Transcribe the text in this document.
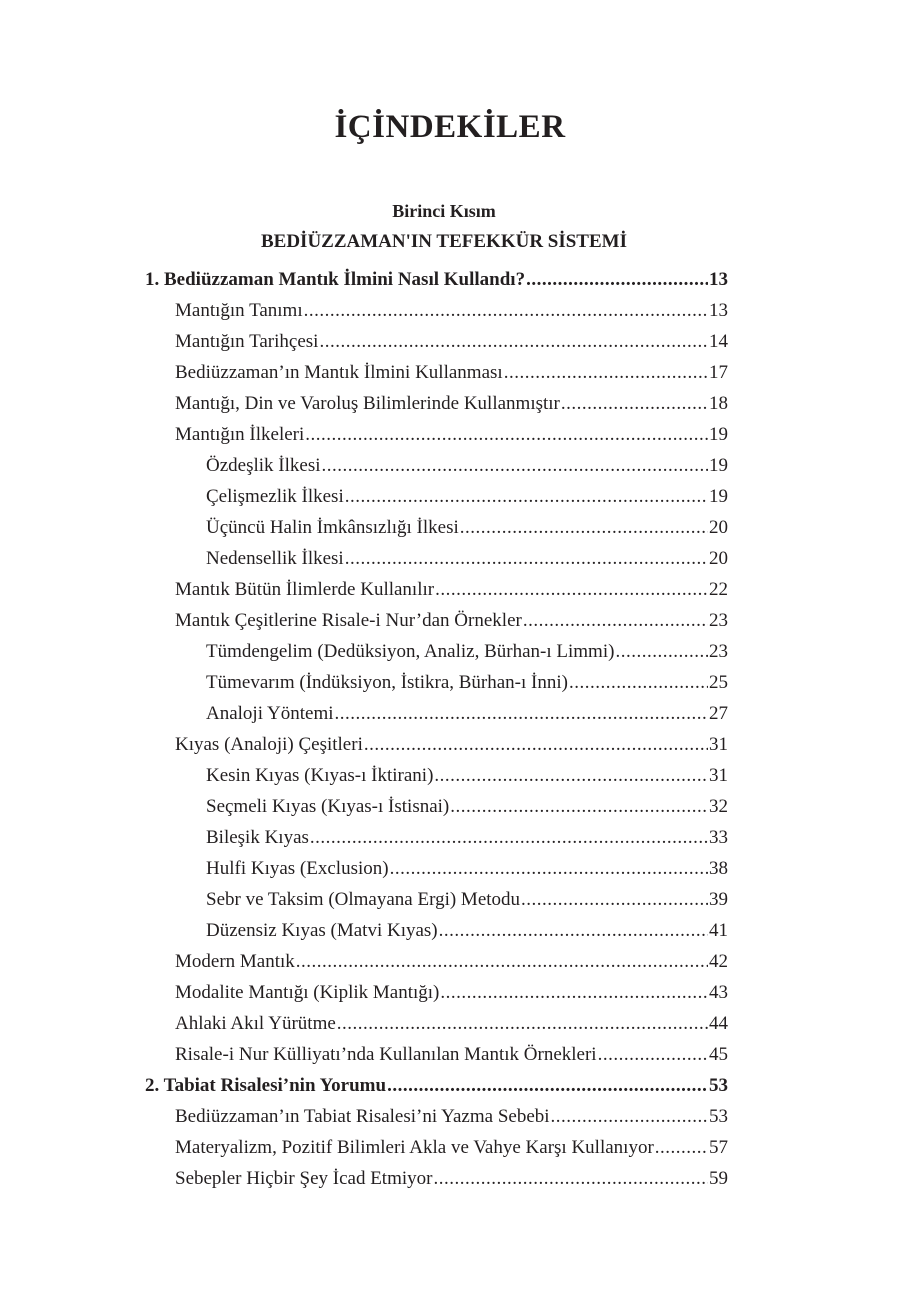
İÇİNDEKİLER
Birinci Kısım
BEDİÜZZAMAN'IN TEFEKKÜR SİSTEMİ
1. Bediüzzaman Mantık İlmini Nasıl Kullandı? .....	13
Mantığın Tanımı .....	13
Mantığın Tarihçesi .....	14
Bediüzzaman’ın Mantık İlmini Kullanması .....	17
Mantığı, Din ve Varoluş Bilimlerinde Kullanmıştır .....	18
Mantığın İlkeleri .....	19
Özdeşlik İlkesi .....	19
Çelişmezlik İlkesi .....	19
Üçüncü Halin İmkânsızlığı İlkesi .....	20
Nedensellik İlkesi .....	20
Mantık Bütün İlimlerde Kullanılır .....	22
Mantık Çeşitlerine Risale-i Nur’dan Örnekler .....	23
Tümdengelim (Dedüksiyon, Analiz, Bürhan-ı Limmi) .....	23
Tümevarım (İndüksiyon, İstikra, Bürhan-ı İnni) .....	25
Analoji Yöntemi .....	27
Kıyas (Analoji) Çeşitleri .....	31
Kesin Kıyas (Kıyas-ı İktirani) .....	31
Seçmeli Kıyas (Kıyas-ı İstisnai) .....	32
Bileşik Kıyas .....	33
Hulfi Kıyas (Exclusion) .....	38
Sebr ve Taksim (Olmayana Ergi) Metodu .....	39
Düzensiz Kıyas (Matvi Kıyas) .....	41
Modern Mantık .....	42
Modalite Mantığı (Kiplik Mantığı) .....	43
Ahlaki Akıl Yürütme .....	44
Risale-i Nur Külliyatı’nda Kullanılan Mantık Örnekleri .....	45
2. Tabiat Risalesi’nin Yorumu .....	53
Bediüzzaman’ın Tabiat Risalesi’ni Yazma Sebebi .....	53
Materyalizm, Pozitif Bilimleri Akla ve Vahye Karşı Kullanıyor .....	57
Sebepler Hiçbir Şey İcad Etmiyor .....	59
